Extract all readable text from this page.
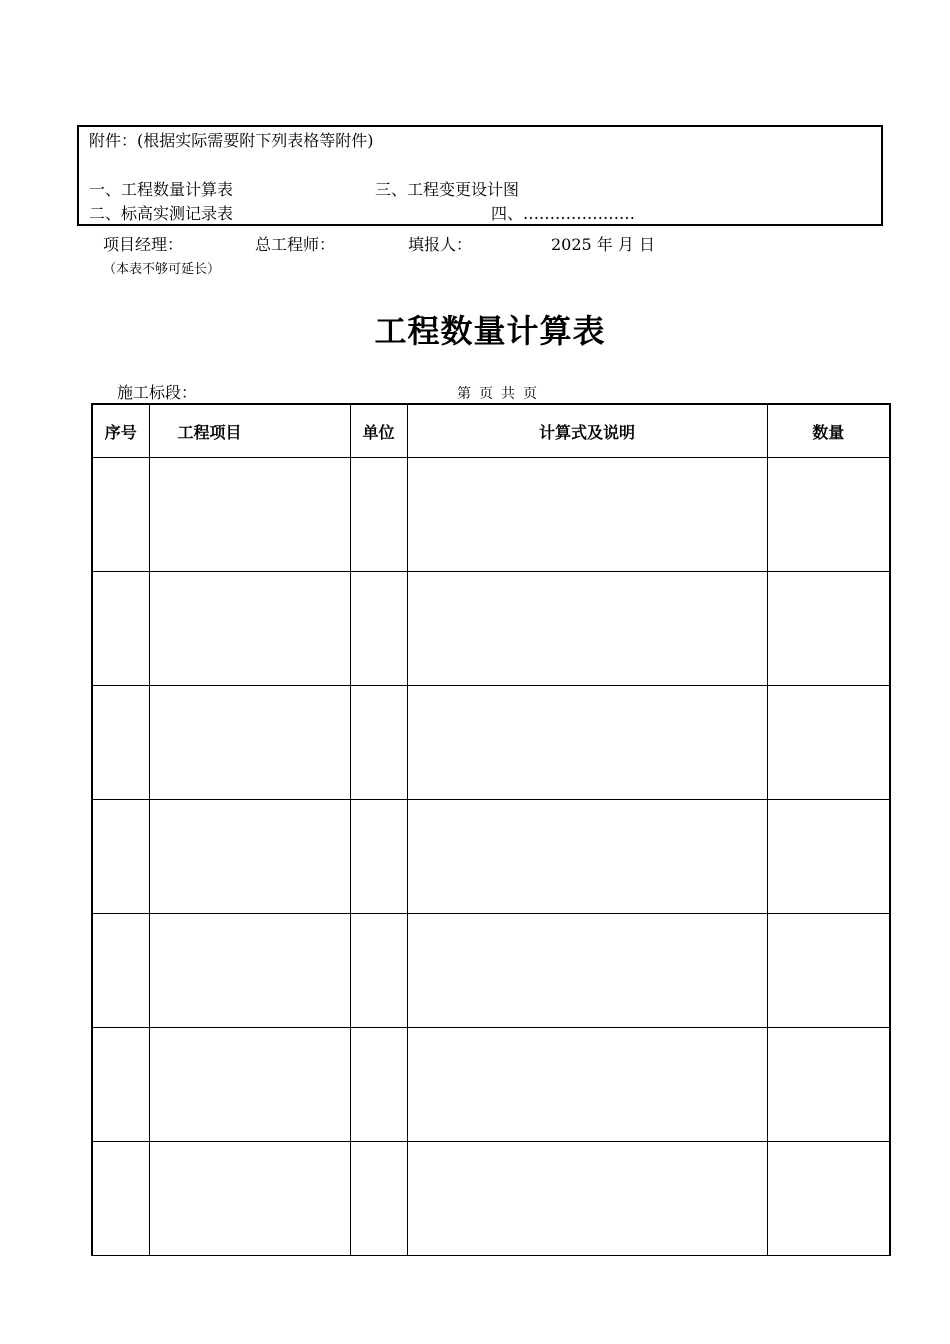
附件：(根据实际需要附下列表格等附件)
一、工程数量计算表	三、工程变更设计图
二、标高实测记录表	四、…………………
项目经理：	总工程师：	填报人：	2025 年 月 日
（本表不够可延长）
工程数量计算表
施工标段：	第页共页
序号	工程项目	单位	计算式及说明	数量
